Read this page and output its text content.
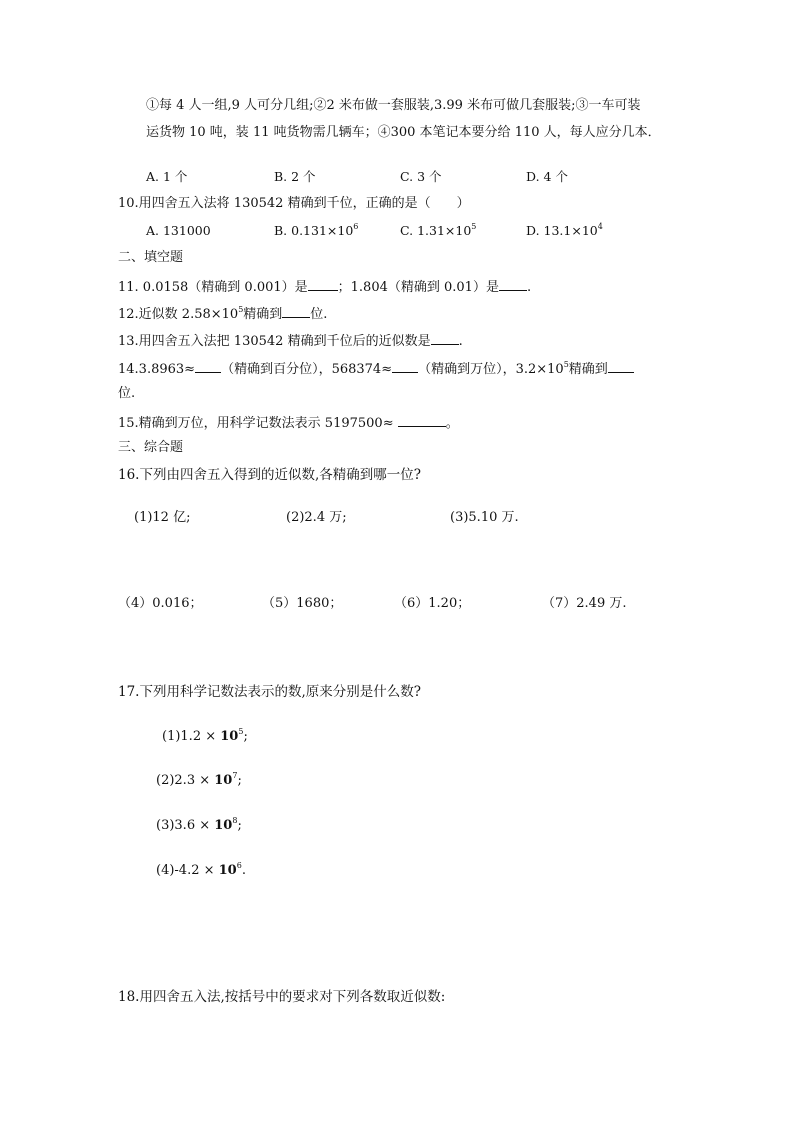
①每 4 人一组,9 人可分几组;②2 米布做一套服装,3.99 米布可做几套服装;③一车可装
运货物 10 吨，装 11 吨货物需几辆车；④300 本笔记本要分给 110 人，每人应分几本．
A. 1 个	B. 2 个	C. 3 个	D. 4 个
10.用四舍五入法将 130542 精确到千位，正确的是（　　）
A. 131000	B. $0.131\times 10^6$	C. $1.31\times 10^5$	D. $13.1\times 10^4$
二、填空题
11. 0.0158（精确到 0.001）是 ；1.804（精确到 0.01）是 .
12.近似数 $2.58\times 10^5$精确到 位.
13.用四舍五入法把 130542 精确到千位后的近似数是 .
14.3.8963≈ （精确到百分位），568374≈ （精确到万位），$3.2\times 10^5$精确到
位.
15.精确到万位，用科学记数法表示 5197500≈	。
三、综合题
16.下列由四舍五入得到的近似数,各精确到哪一位?
(1)12 亿;	(2)2.4 万;	(3)5.10 万.
（4）0.016；	（5）1680；	（6）1.20；	（7）2.49 万.
17.下列用科学记数法表示的数,原来分别是什么数?
$(1)1.2 \times 10^5$;
$(2)2.3 \times 10^7$;
$(3)3.6 \times 10^8$;
$(4)-4.2 \times 10^6$.
18.用四舍五入法,按括号中的要求对下列各数取近似数:
